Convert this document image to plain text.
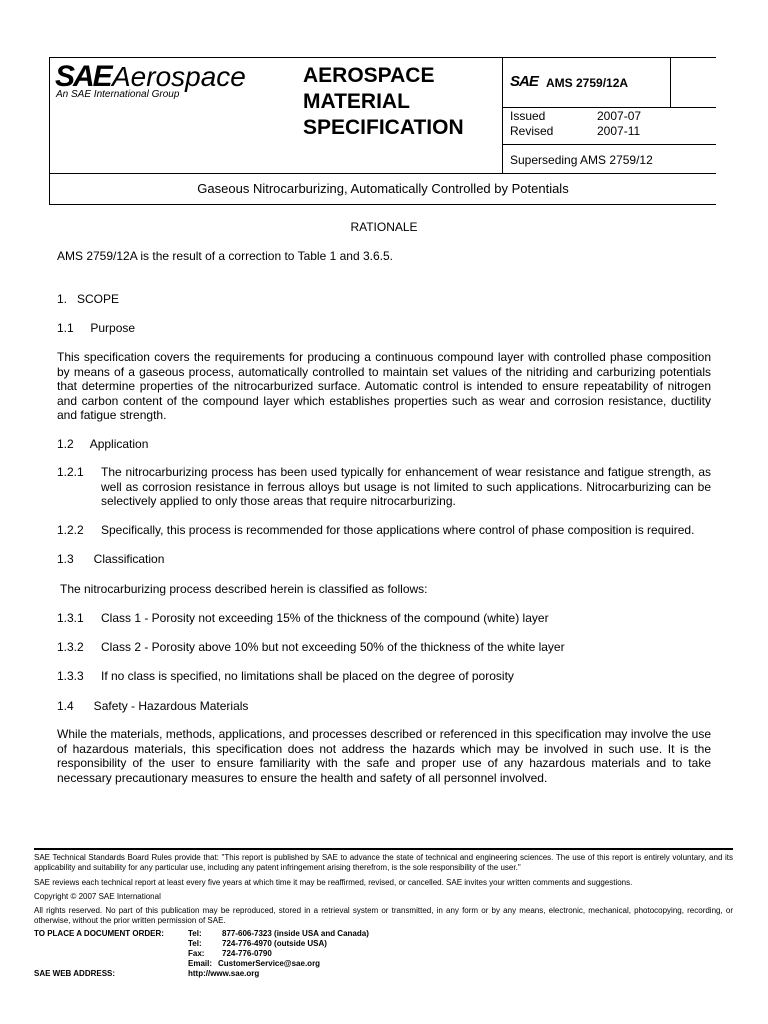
SAE Aerospace
An SAE International Group
AEROSPACE
MATERIAL
SPECIFICATION
SAE AMS 2759/12A
Issued	2007-07
Revised	2007-11
Superseding AMS 2759/12
Gaseous Nitrocarburizing, Automatically Controlled by Potentials
RATIONALE
AMS 2759/12A is the result of a correction to Table 1 and 3.6.5.
1.   SCOPE
1.1     Purpose
This specification covers the requirements for producing a continuous compound layer with controlled phase composition by means of a gaseous process, automatically controlled to maintain set values of the nitriding and carburizing potentials that determine properties of the nitrocarburized surface. Automatic control is intended to ensure repeatability of nitrogen and carbon content of the compound layer which establishes properties such as wear and corrosion resistance, ductility and fatigue strength.
1.2     Application
1.2.1 The nitrocarburizing process has been used typically for enhancement of wear resistance and fatigue strength, as well as corrosion resistance in ferrous alloys but usage is not limited to such applications. Nitrocarburizing can be selectively applied to only those areas that require nitrocarburizing.
1.2.2 Specifically, this process is recommended for those applications where control of phase composition is required.
1.3      Classification
The nitrocarburizing process described herein is classified as follows:
1.3.1 Class 1 - Porosity not exceeding 15% of the thickness of the compound (white) layer
1.3.2 Class 2 - Porosity above 10% but not exceeding 50% of the thickness of the white layer
1.3.3 If no class is specified, no limitations shall be placed on the degree of porosity
1.4      Safety - Hazardous Materials
While the materials, methods, applications, and processes described or referenced in this specification may involve the use of hazardous materials, this specification does not address the hazards which may be involved in such use. It is the responsibility of the user to ensure familiarity with the safe and proper use of any hazardous materials and to take necessary precautionary measures to ensure the health and safety of all personnel involved.
SAE Technical Standards Board Rules provide that: "This report is published by SAE to advance the state of technical and engineering sciences. The use of this report is entirely voluntary, and its applicability and suitability for any particular use, including any patent infringement arising therefrom, is the sole responsibility of the user."
SAE reviews each technical report at least every five years at which time it may be reaffirmed, revised, or cancelled. SAE invites your written comments and suggestions.
Copyright © 2007 SAE International
All rights reserved. No part of this publication may be reproduced, stored in a retrieval system or transmitted, in any form or by any means, electronic, mechanical, photocopying, recording, or otherwise, without the prior written permission of SAE.
TO PLACE A DOCUMENT ORDER:	Tel:	877-606-7323 (inside USA and Canada)
Tel:	724-776-4970 (outside USA)
Fax: 724-776-0790
Email: CustomerService@sae.org
SAE WEB ADDRESS:	http://www.sae.org
